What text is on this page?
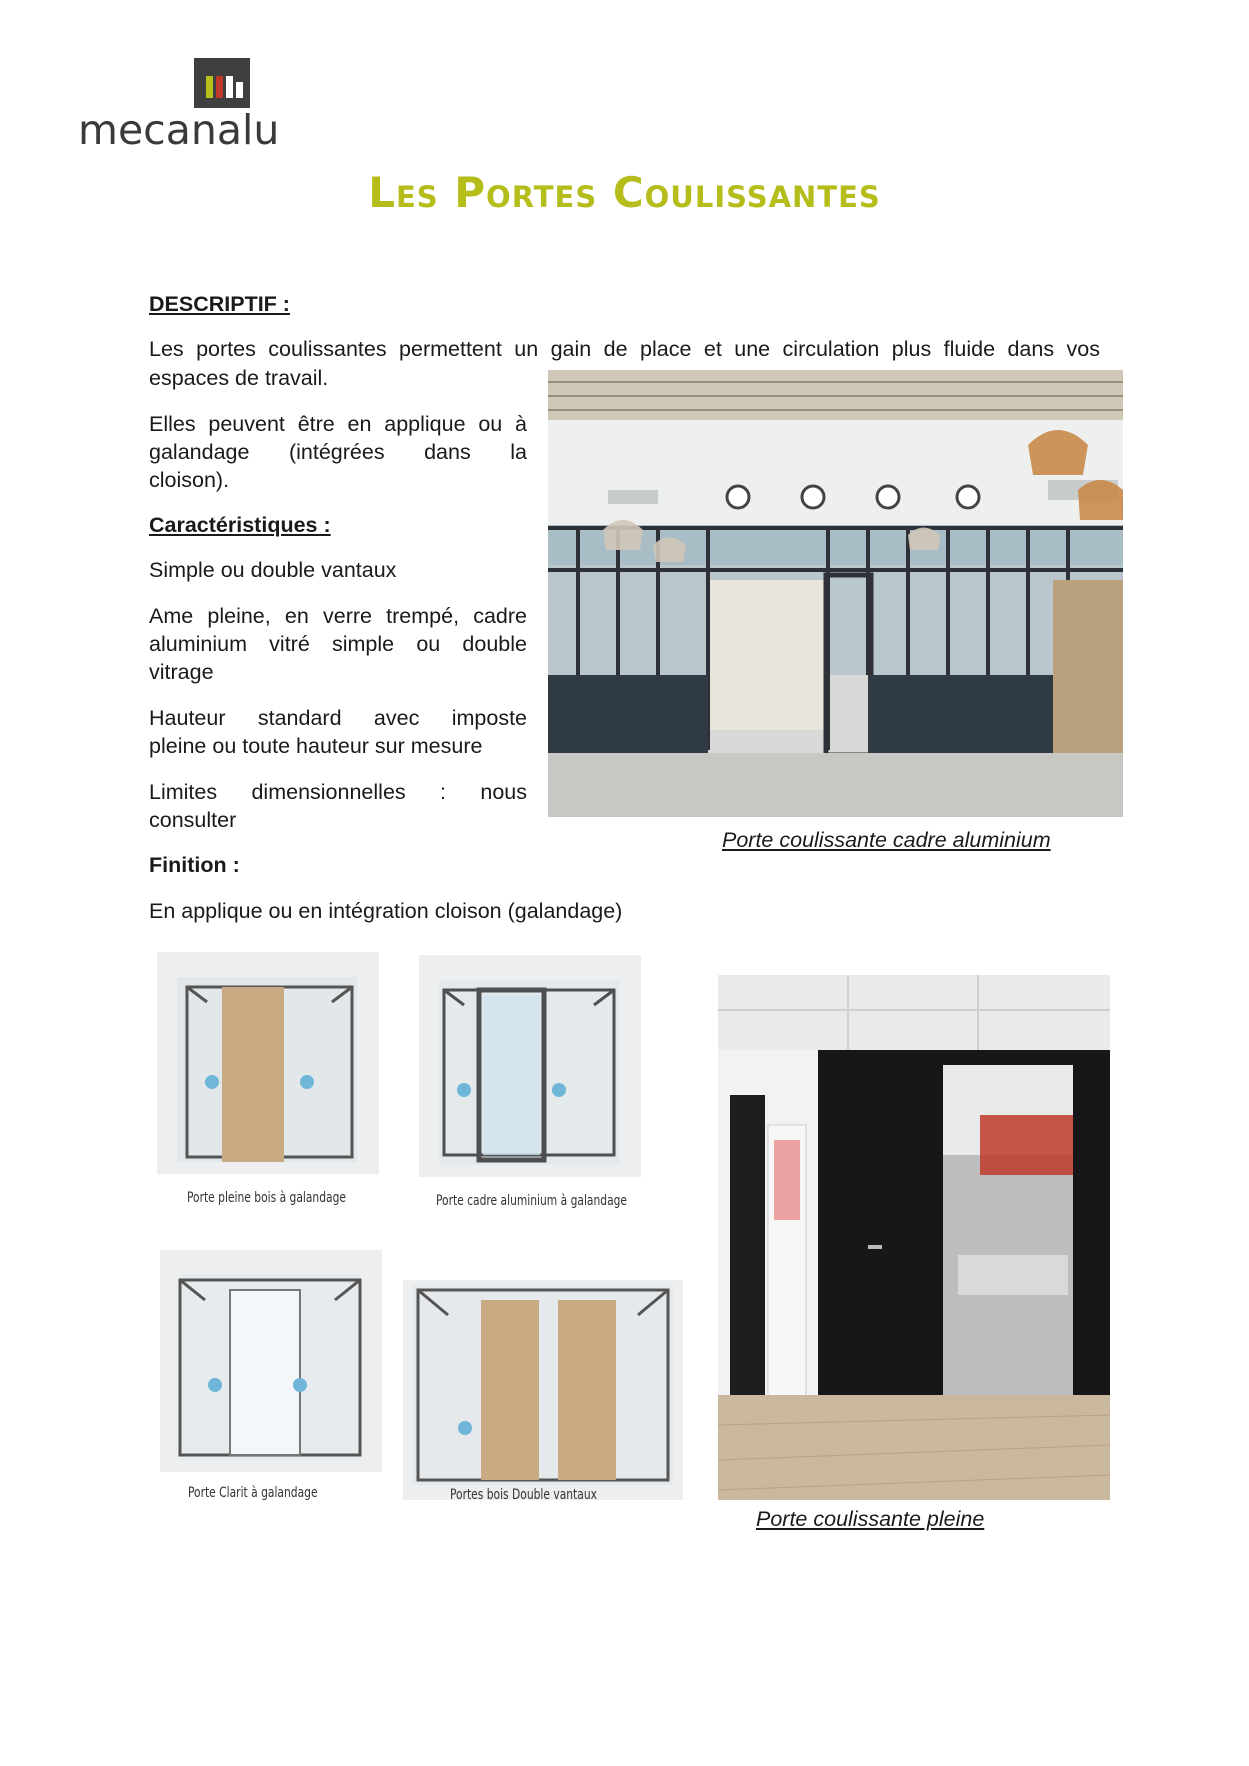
mecanalu
Les Portes Coulissantes
DESCRIPTIF :
Les portes coulissantes permettent un gain de place et une circulation plus fluide dans vos
espaces de travail.
Elles peuvent être en applique ou à
galandage (intégrées dans la
cloison).
Caractéristiques :
Simple ou double vantaux
Ame pleine, en verre trempé, cadre
aluminium vitré simple ou double
vitrage
Hauteur standard avec imposte
pleine ou toute hauteur sur mesure
Limites dimensionnelles : nous
consulter
Finition :
En applique ou en intégration cloison (galandage)
Porte coulissante cadre aluminium
Porte pleine bois à galandage	Porte cadre aluminium à galandage
Porte Clarit à galandage	Portes bois Double vantaux
Porte coulissante pleine
